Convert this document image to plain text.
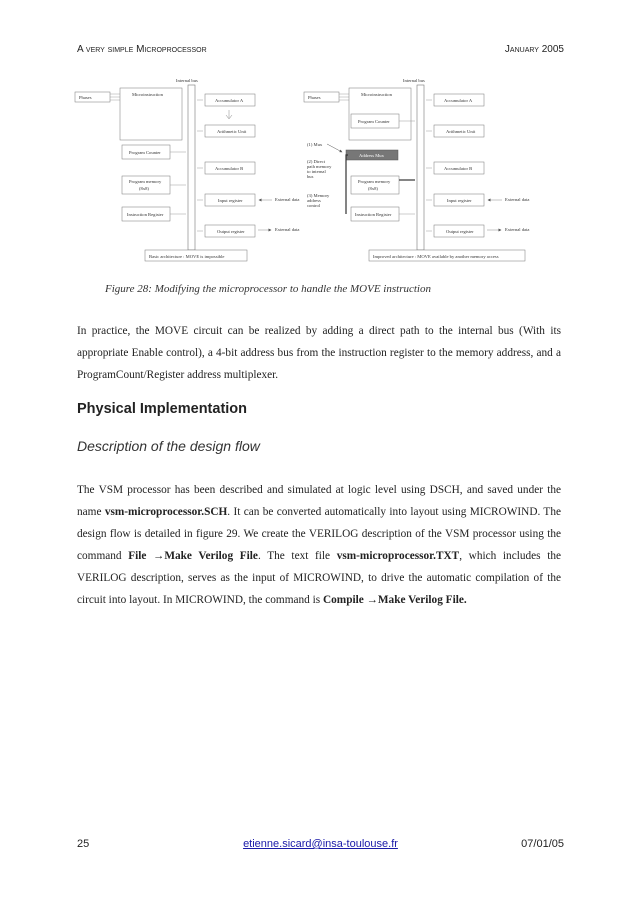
A very simple Microprocessor	January 2005
Internal bus
Phases
Microinstruction
Accumulator A
Arithmetic Unit
Program Counter
Accumulator B
Program memory
(8x8)
Input register	External data
Instruction Register
Output register	External data
Basic architecture : MOVE is impossible
Internal bus
Phases
Microinstruction
Accumulator A
Program Counter
Arithmetic Unit
(1) Mux
Address Mux
(2) Direct
path memory
to internal
bus
Accumulator B
Program memory
(8x8)
(3) Memory
address
control
Input register	External data
Instruction Register
Output register	External data
Improved architecture : MOVE available by another memory access
Figure 28: Modifying the microprocessor to handle the MOVE instruction
In practice, the MOVE circuit can be realized by adding a direct path to the internal bus (With its appropriate Enable control), a 4-bit address bus from the instruction register to the memory address, and a ProgramCount/Register address multiplexer.
Physical Implementation
Description of the design flow
The VSM processor has been described and simulated at logic level using DSCH, and saved under the name vsm-microprocessor.SCH. It can be converted automatically into layout using MICROWIND. The design flow is detailed in figure 29. We create the VERILOG description of the VSM processor using the command File →Make Verilog File. The text file vsm-microprocessor.TXT, which includes the VERILOG description, serves as the input of MICROWIND, to drive the automatic compilation of the circuit into layout. In MICROWIND, the command is Compile →Make Verilog File.
25	etienne.sicard@insa-toulouse.fr	07/01/05
